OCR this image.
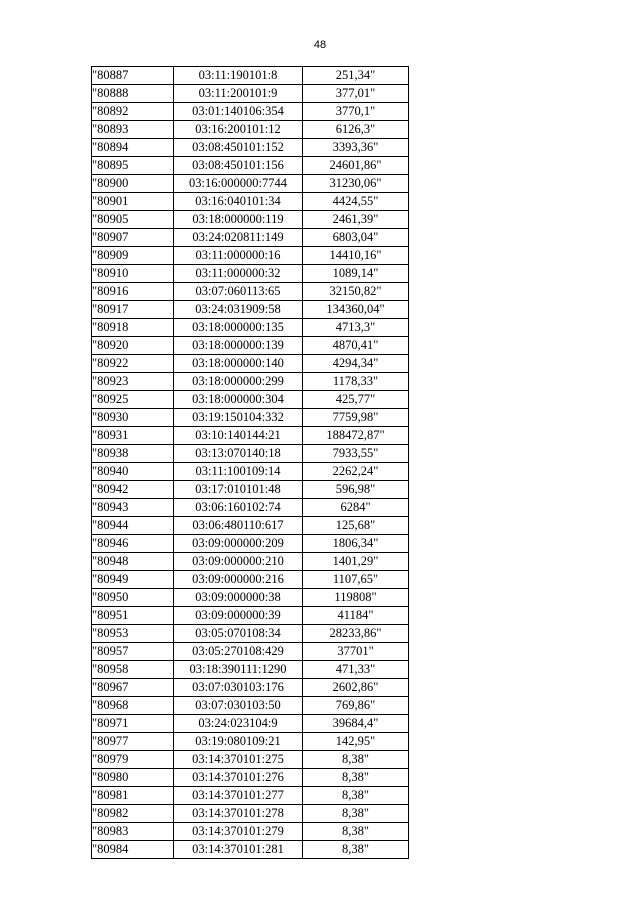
48
"80887	03:11:190101:8	251,34"
"80888	03:11:200101:9	377,01"
"80892	03:01:140106:354	3770,1"
"80893	03:16:200101:12	6126,3"
"80894	03:08:450101:152	3393,36"
"80895	03:08:450101:156	24601,86"
"80900	03:16:000000:7744	31230,06"
"80901	03:16:040101:34	4424,55"
"80905	03:18:000000:119	2461,39"
"80907	03:24:020811:149	6803,04"
"80909	03:11:000000:16	14410,16"
"80910	03:11:000000:32	1089,14"
"80916	03:07:060113:65	32150,82"
"80917	03:24:031909:58	134360,04"
"80918	03:18:000000:135	4713,3"
"80920	03:18:000000:139	4870,41"
"80922	03:18:000000:140	4294,34"
"80923	03:18:000000:299	1178,33"
"80925	03:18:000000:304	425,77"
"80930	03:19:150104:332	7759,98"
"80931	03:10:140144:21	188472,87"
"80938	03:13:070140:18	7933,55"
"80940	03:11:100109:14	2262,24"
"80942	03:17:010101:48	596,98"
"80943	03:06:160102:74	6284"
"80944	03:06:480110:617	125,68"
"80946	03:09:000000:209	1806,34"
"80948	03:09:000000:210	1401,29"
"80949	03:09:000000:216	1107,65"
"80950	03:09:000000:38	119808"
"80951	03:09:000000:39	41184"
"80953	03:05:070108:34	28233,86"
"80957	03:05:270108:429	37701"
"80958	03:18:390111:1290	471,33"
"80967	03:07:030103:176	2602,86"
"80968	03:07:030103:50	769,86"
"80971	03:24:023104:9	39684,4"
"80977	03:19:080109:21	142,95"
"80979	03:14:370101:275	8,38"
"80980	03:14:370101:276	8,38"
"80981	03:14:370101:277	8,38"
"80982	03:14:370101:278	8,38"
"80983	03:14:370101:279	8,38"
"80984	03:14:370101:281	8,38"
